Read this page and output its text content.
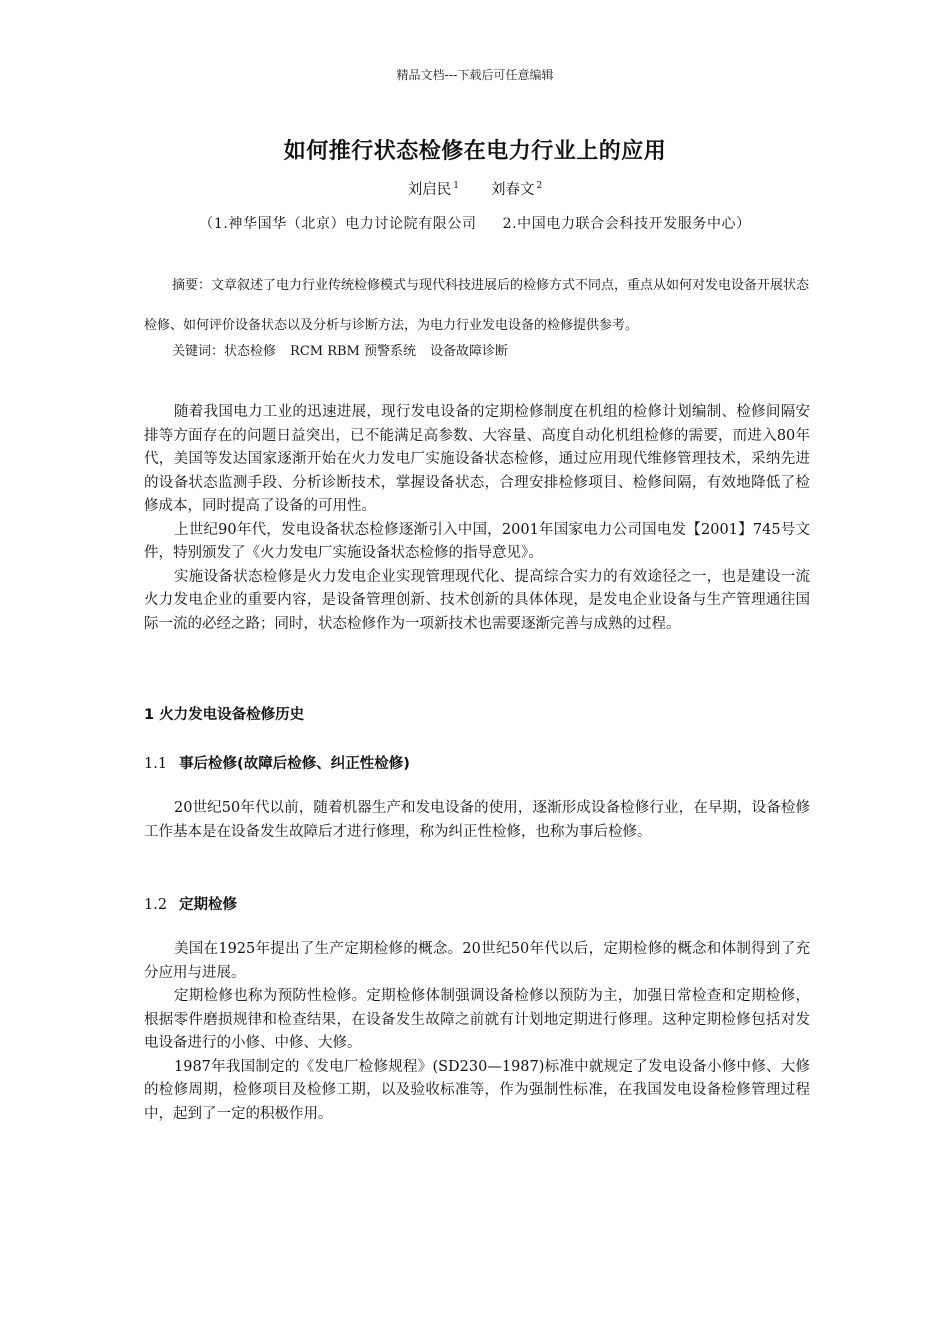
精品文档---下载后可任意编辑
如何推行状态检修在电力行业上的应用
刘启民 $^1$ 刘春文 $^2$
（1.神华国华（北京）电力讨论院有限公司 2.中国电力联合会科技开发服务中心）
摘要：文章叙述了电力行业传统检修模式与现代科技进展后的检修方式不同点，重点从如何对发电设备开展状态检修、如何评价设备状态以及分析与诊断方法，为电力行业发电设备的检修提供参考。
关键词：状态检修 RCM RBM 预警系统 设备故障诊断

随着我国电力工业的迅速进展，现行发电设备的定期检修制度在机组的检修计划编制、检修间隔安排等方面存在的问题日益突出，已不能满足高参数、大容量、高度自动化机组检修的需要，而进入80年代，美国等发达国家逐渐开始在火力发电厂实施设备状态检修，通过应用现代维修管理技术，采纳先进的设备状态监测手段、分析诊断技术，掌握设备状态，合理安排检修项目、检修间隔，有效地降低了检修成本，同时提高了设备的可用性。

上世纪90年代，发电设备状态检修逐渐引入中国，2001年国家电力公司国电发【2001】745号文件，特别颁发了《火力发电厂实施设备状态检修的指导意见》。

实施设备状态检修是火力发电企业实现管理现代化、提高综合实力的有效途径之一，也是建设一流火力发电企业的重要内容，是设备管理创新、技术创新的具体体现，是发电企业设备与生产管理通往国际一流的必经之路；同时，状态检修作为一项新技术也需要逐渐完善与成熟的过程。

1 火力发电设备检修历史
1.1 事后检修(故障后检修、纠正性检修)

20世纪50年代以前，随着机器生产和发电设备的使用，逐渐形成设备检修行业，在早期，设备检修工作基本是在设备发生故障后才进行修理，称为纠正性检修，也称为事后检修。

1.2 定期检修

美国在1925年提出了生产定期检修的概念。20世纪50年代以后，定期检修的概念和体制得到了充分应用与进展。

定期检修也称为预防性检修。定期检修体制强调设备检修以预防为主，加强日常检查和定期检修，根据零件磨损规律和检查结果，在设备发生故障之前就有计划地定期进行修理。这种定期检修包括对发电设备进行的小修、中修、大修。

1987年我国制定的《发电厂检修规程》(SD230—1987)标准中就规定了发电设备小修中修、大修的检修周期，检修项目及检修工期，以及验收标准等，作为强制性标准，在我国发电设备检修管理过程中，起到了一定的积极作用。
